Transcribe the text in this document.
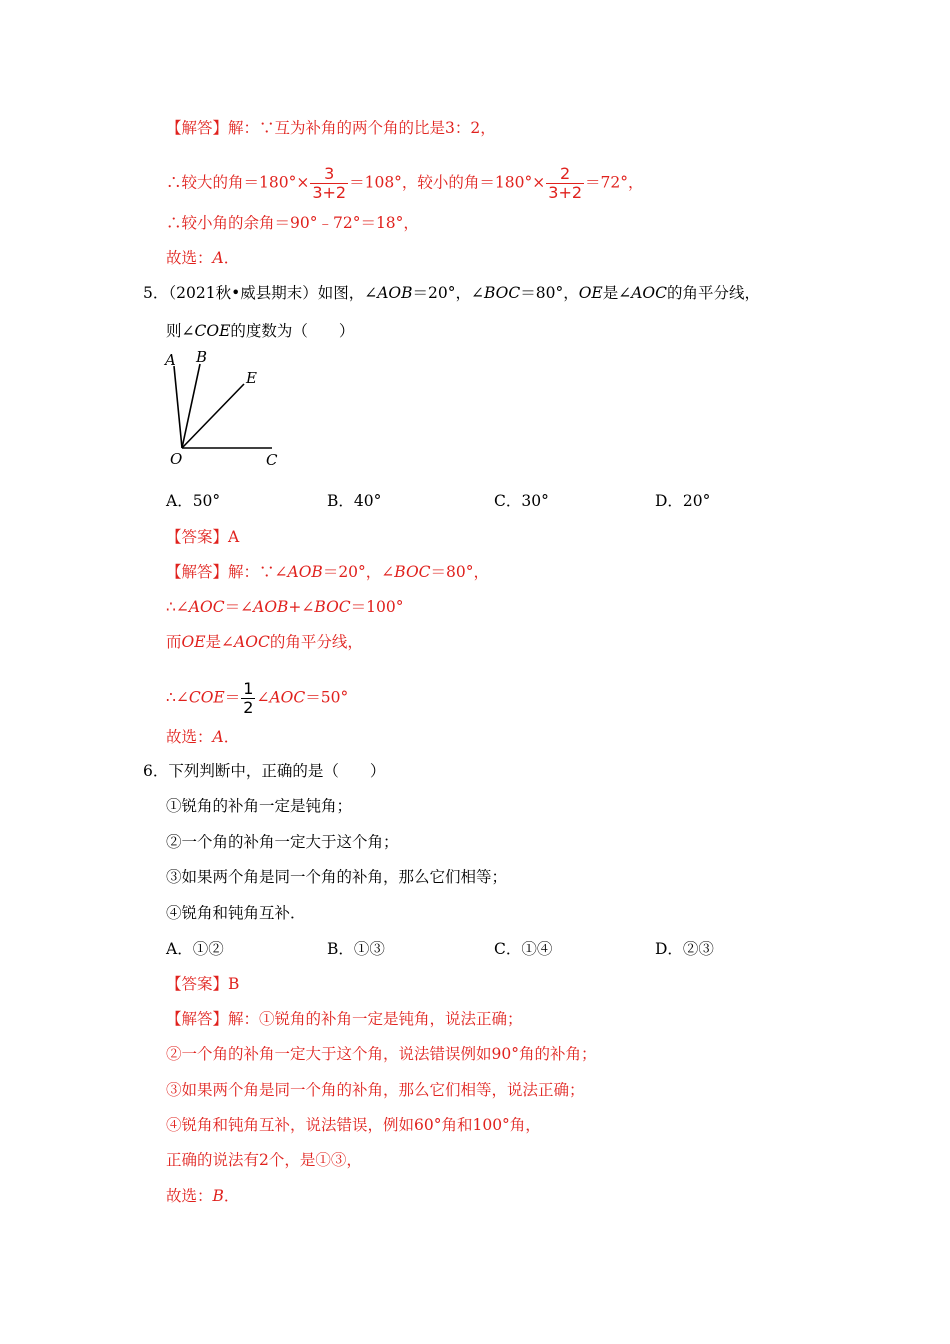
【解答】解：∵互为补角的两个角的比是3：2，
∴较大的角$=180^\circ\times \frac{3}{3+2} =108^\circ$，较小的角$=180^\circ\times \frac{2}{3+2} =72^\circ$，
∴较小角的余角＝90°﹣72°＝18°，
故选：A．
5．（2021秋•威县期末）如图，∠AOB＝20°，∠BOC＝80°，OE是∠AOC的角平分线，
则∠COE的度数为（　　）
A B
E
O	C
A．50°	B．40°	C．30°	D．20°
【答案】A
【解答】解：∵∠AOB＝20°，∠BOC＝80°，
∴∠AOC＝∠AOB+∠BOC＝100°
而OE是∠AOC的角平分线，
∴∠COE＝ $\frac{1}{2}$ ∠AOC＝50°
故选：A．
6．下列判断中，正确的是（　　）
①锐角的补角一定是钝角；
②一个角的补角一定大于这个角；
③如果两个角是同一个角的补角，那么它们相等；
④锐角和钝角互补．
A．①②	B．①③	C．①④	D．②③
【答案】B
【解答】解：①锐角的补角一定是钝角，说法正确；
②一个角的补角一定大于这个角，说法错误例如90°角的补角；
③如果两个角是同一个角的补角，那么它们相等，说法正确；
④锐角和钝角互补，说法错误，例如60°角和100°角，
正确的说法有2个，是①③，
故选：B．
